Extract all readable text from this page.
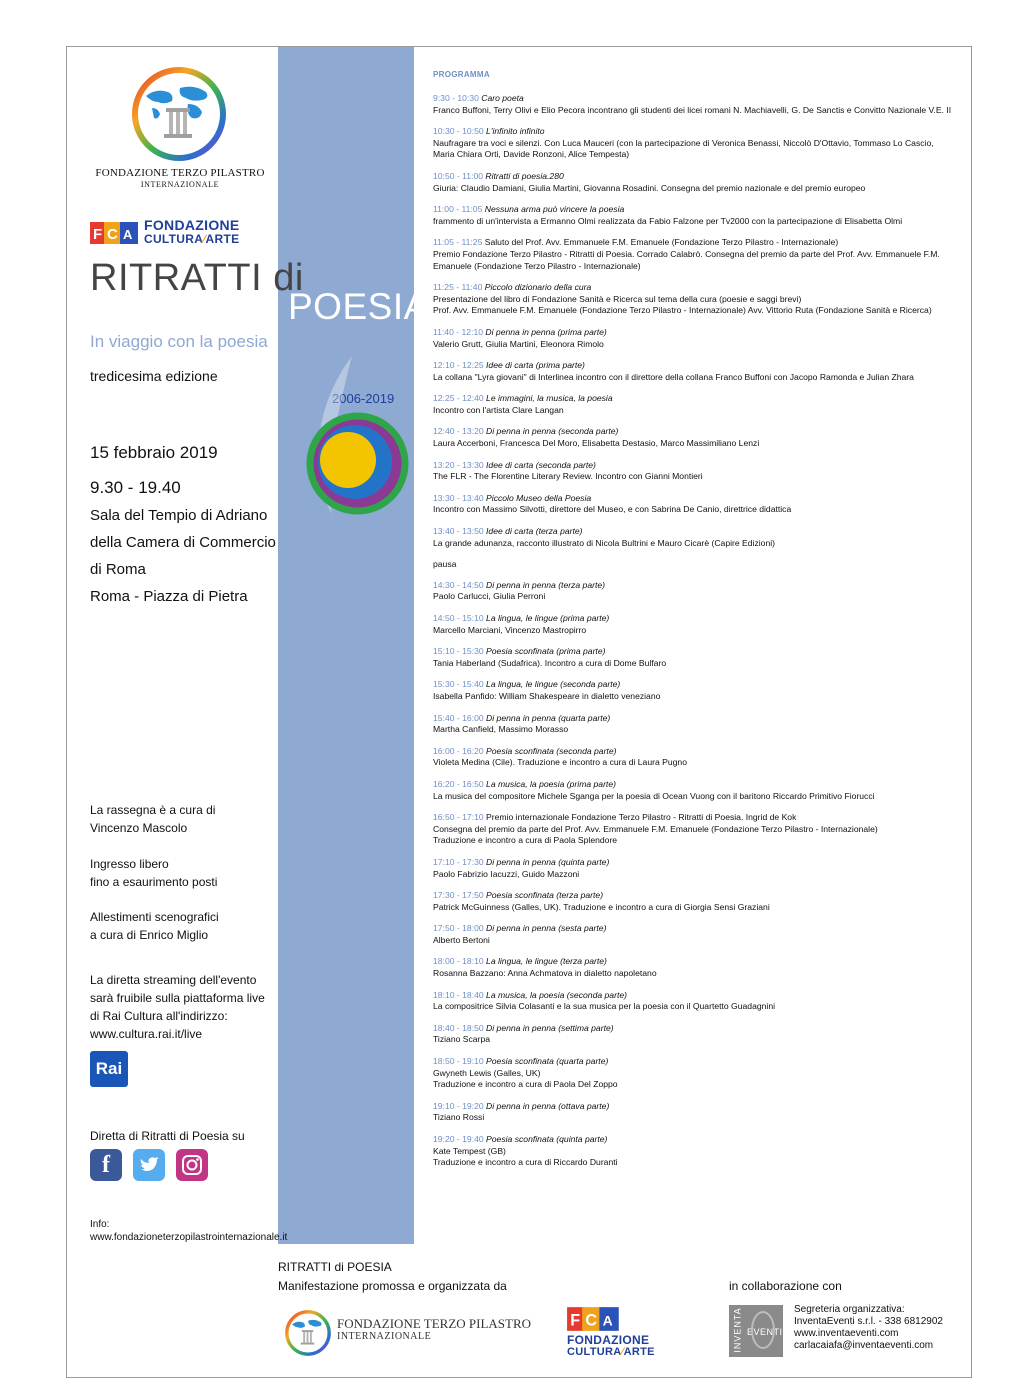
FONDAZIONE TERZO PILASTRO
INTERNAZIONALE
F C A
FONDAZIONE
CULTURA∕ARTE
RITRATTI di
In viaggio con la poesia
tredicesima edizione
15 febbraio 2019
9.30 - 19.40
Sala del Tempio di Adriano
della Camera di Commercio
di Roma
Roma - Piazza di Pietra
La rassegna è a cura di
Vincenzo Mascolo
Ingresso libero
fino a esaurimento posti
Allestimenti scenografici
a cura di Enrico Miglio
La diretta streaming dell'evento
sarà fruibile sulla piattaforma live
di Rai Cultura all'indirizzo:
www.cultura.rai.it/live
Rai
Diretta di Ritratti di Poesia su
f
Info:
www.fondazioneterzopilastrointernazionale.it
POESIA
2006-2019
PROGRAMMA
9:30 - 10:30 Caro poeta
Franco Buffoni, Terry Olivi e Elio Pecora incontrano gli studenti dei licei romani N. Machiavelli, G. De Sanctis e Convitto Nazionale V.E. II
10:30 - 10:50 L'infinito infinito
Naufragare tra voci e silenzi. Con Luca Mauceri (con la partecipazione di Veronica Benassi, Niccolò D'Ottavio, Tommaso Lo Cascio,
Maria Chiara Orti, Davide Ronzoni, Alice Tempesta)
10:50 - 11:00 Ritratti di poesia.280
Giuria: Claudio Damiani, Giulia Martini, Giovanna Rosadini. Consegna del premio nazionale e del premio europeo
11:00 - 11:05 Nessuna arma può vincere la poesia
frammento di un'intervista a Ermanno Olmi realizzata da Fabio Falzone per Tv2000 con la partecipazione di Elisabetta Olmi
11:05 - 11:25 Saluto del Prof. Avv. Emmanuele F.M. Emanuele (Fondazione Terzo Pilastro - Internazionale)
Premio Fondazione Terzo Pilastro - Ritratti di Poesia. Corrado Calabrò. Consegna del premio da parte del Prof. Avv. Emmanuele F.M.
Emanuele (Fondazione Terzo Pilastro - Internazionale)
11:25 - 11:40 Piccolo dizionario della cura
Presentazione del libro di Fondazione Sanità e Ricerca sul tema della cura (poesie e saggi brevi)
Prof. Avv. Emmanuele F.M. Emanuele (Fondazione Terzo Pilastro - Internazionale) Avv. Vittorio Ruta (Fondazione Sanità e Ricerca)
11:40 - 12:10 Di penna in penna (prima parte)
Valerio Grutt, Giulia Martini, Eleonora Rimolo
12:10 - 12:25 Idee di carta (prima parte)
La collana "Lyra giovani" di Interlinea incontro con il direttore della collana Franco Buffoni con Jacopo Ramonda e Julian Zhara
12:25 - 12:40 Le immagini, la musica, la poesia
Incontro con l'artista Clare Langan
12:40 - 13:20 Di penna in penna (seconda parte)
Laura Accerboni, Francesca Del Moro, Elisabetta Destasio, Marco Massimiliano Lenzi
13:20 - 13:30 Idee di carta (seconda parte)
The FLR - The Florentine Literary Review. Incontro con Gianni Montieri
13:30 - 13:40 Piccolo Museo della Poesia
Incontro con Massimo Silvotti, direttore del Museo, e con Sabrina De Canio, direttrice didattica
13:40 - 13:50 Idee di carta (terza parte)
La grande adunanza, racconto illustrato di Nicola Bultrini e Mauro Cicarè (Capire Edizioni)
pausa
14:30 - 14:50 Di penna in penna (terza parte)
Paolo Carlucci, Giulia Perroni
14:50 - 15:10 La lingua, le lingue (prima parte)
Marcello Marciani, Vincenzo Mastropirro
15:10 - 15:30 Poesia sconfinata (prima parte)
Tania Haberland (Sudafrica). Incontro a cura di Dome Bulfaro
15:30 - 15:40 La lingua, le lingue (seconda parte)
Isabella Panfido: William Shakespeare in dialetto veneziano
15:40 - 16:00 Di penna in penna (quarta parte)
Martha Canfield, Massimo Morasso
16:00 - 16:20 Poesia sconfinata (seconda parte)
Violeta Medina (Cile). Traduzione e incontro a cura di Laura Pugno
16:20 - 16:50 La musica, la poesia (prima parte)
La musica del compositore Michele Sganga per la poesia di Ocean Vuong con il baritono Riccardo Primitivo Fiorucci
16:50 - 17:10 Premio internazionale Fondazione Terzo Pilastro - Ritratti di Poesia. Ingrid de Kok
Consegna del premio da parte del Prof. Avv. Emmanuele F.M. Emanuele (Fondazione Terzo Pilastro - Internazionale)
Traduzione e incontro a cura di Paola Splendore
17:10 - 17:30 Di penna in penna (quinta parte)
Paolo Fabrizio Iacuzzi, Guido Mazzoni
17:30 - 17:50 Poesia sconfinata (terza parte)
Patrick McGuinness (Galles, UK). Traduzione e incontro a cura di Giorgia Sensi Graziani
17:50 - 18:00 Di penna in penna (sesta parte)
Alberto Bertoni
18:00 - 18:10 La lingua, le lingue (terza parte)
Rosanna Bazzano: Anna Achmatova in dialetto napoletano
18:10 - 18:40 La musica, la poesia (seconda parte)
La compositrice Silvia Colasanti e la sua musica per la poesia con il Quartetto Guadagnini
18:40 - 18:50 Di penna in penna (settima parte)
Tiziano Scarpa
18:50 - 19:10 Poesia sconfinata (quarta parte)
Gwyneth Lewis (Galles, UK)
Traduzione e incontro a cura di Paola Del Zoppo
19:10 - 19:20 Di penna in penna (ottava parte)
Tiziano Rossi
19:20 - 19:40 Poesia sconfinata (quinta parte)
Kate Tempest (GB)
Traduzione e incontro a cura di Riccardo Duranti
RITRATTI di POESIA
Manifestazione promossa e organizzata da	in collaborazione con
FONDAZIONE TERZO PILASTRO
INTERNAZIONALE
F C A
FONDAZIONE
CULTURA∕ARTE	INVENTA EVENTI
Segreteria organizzativa:
InventaEventi s.r.l. - 338 6812902
www.inventaeventi.com
carlacaiafa@inventaeventi.com
